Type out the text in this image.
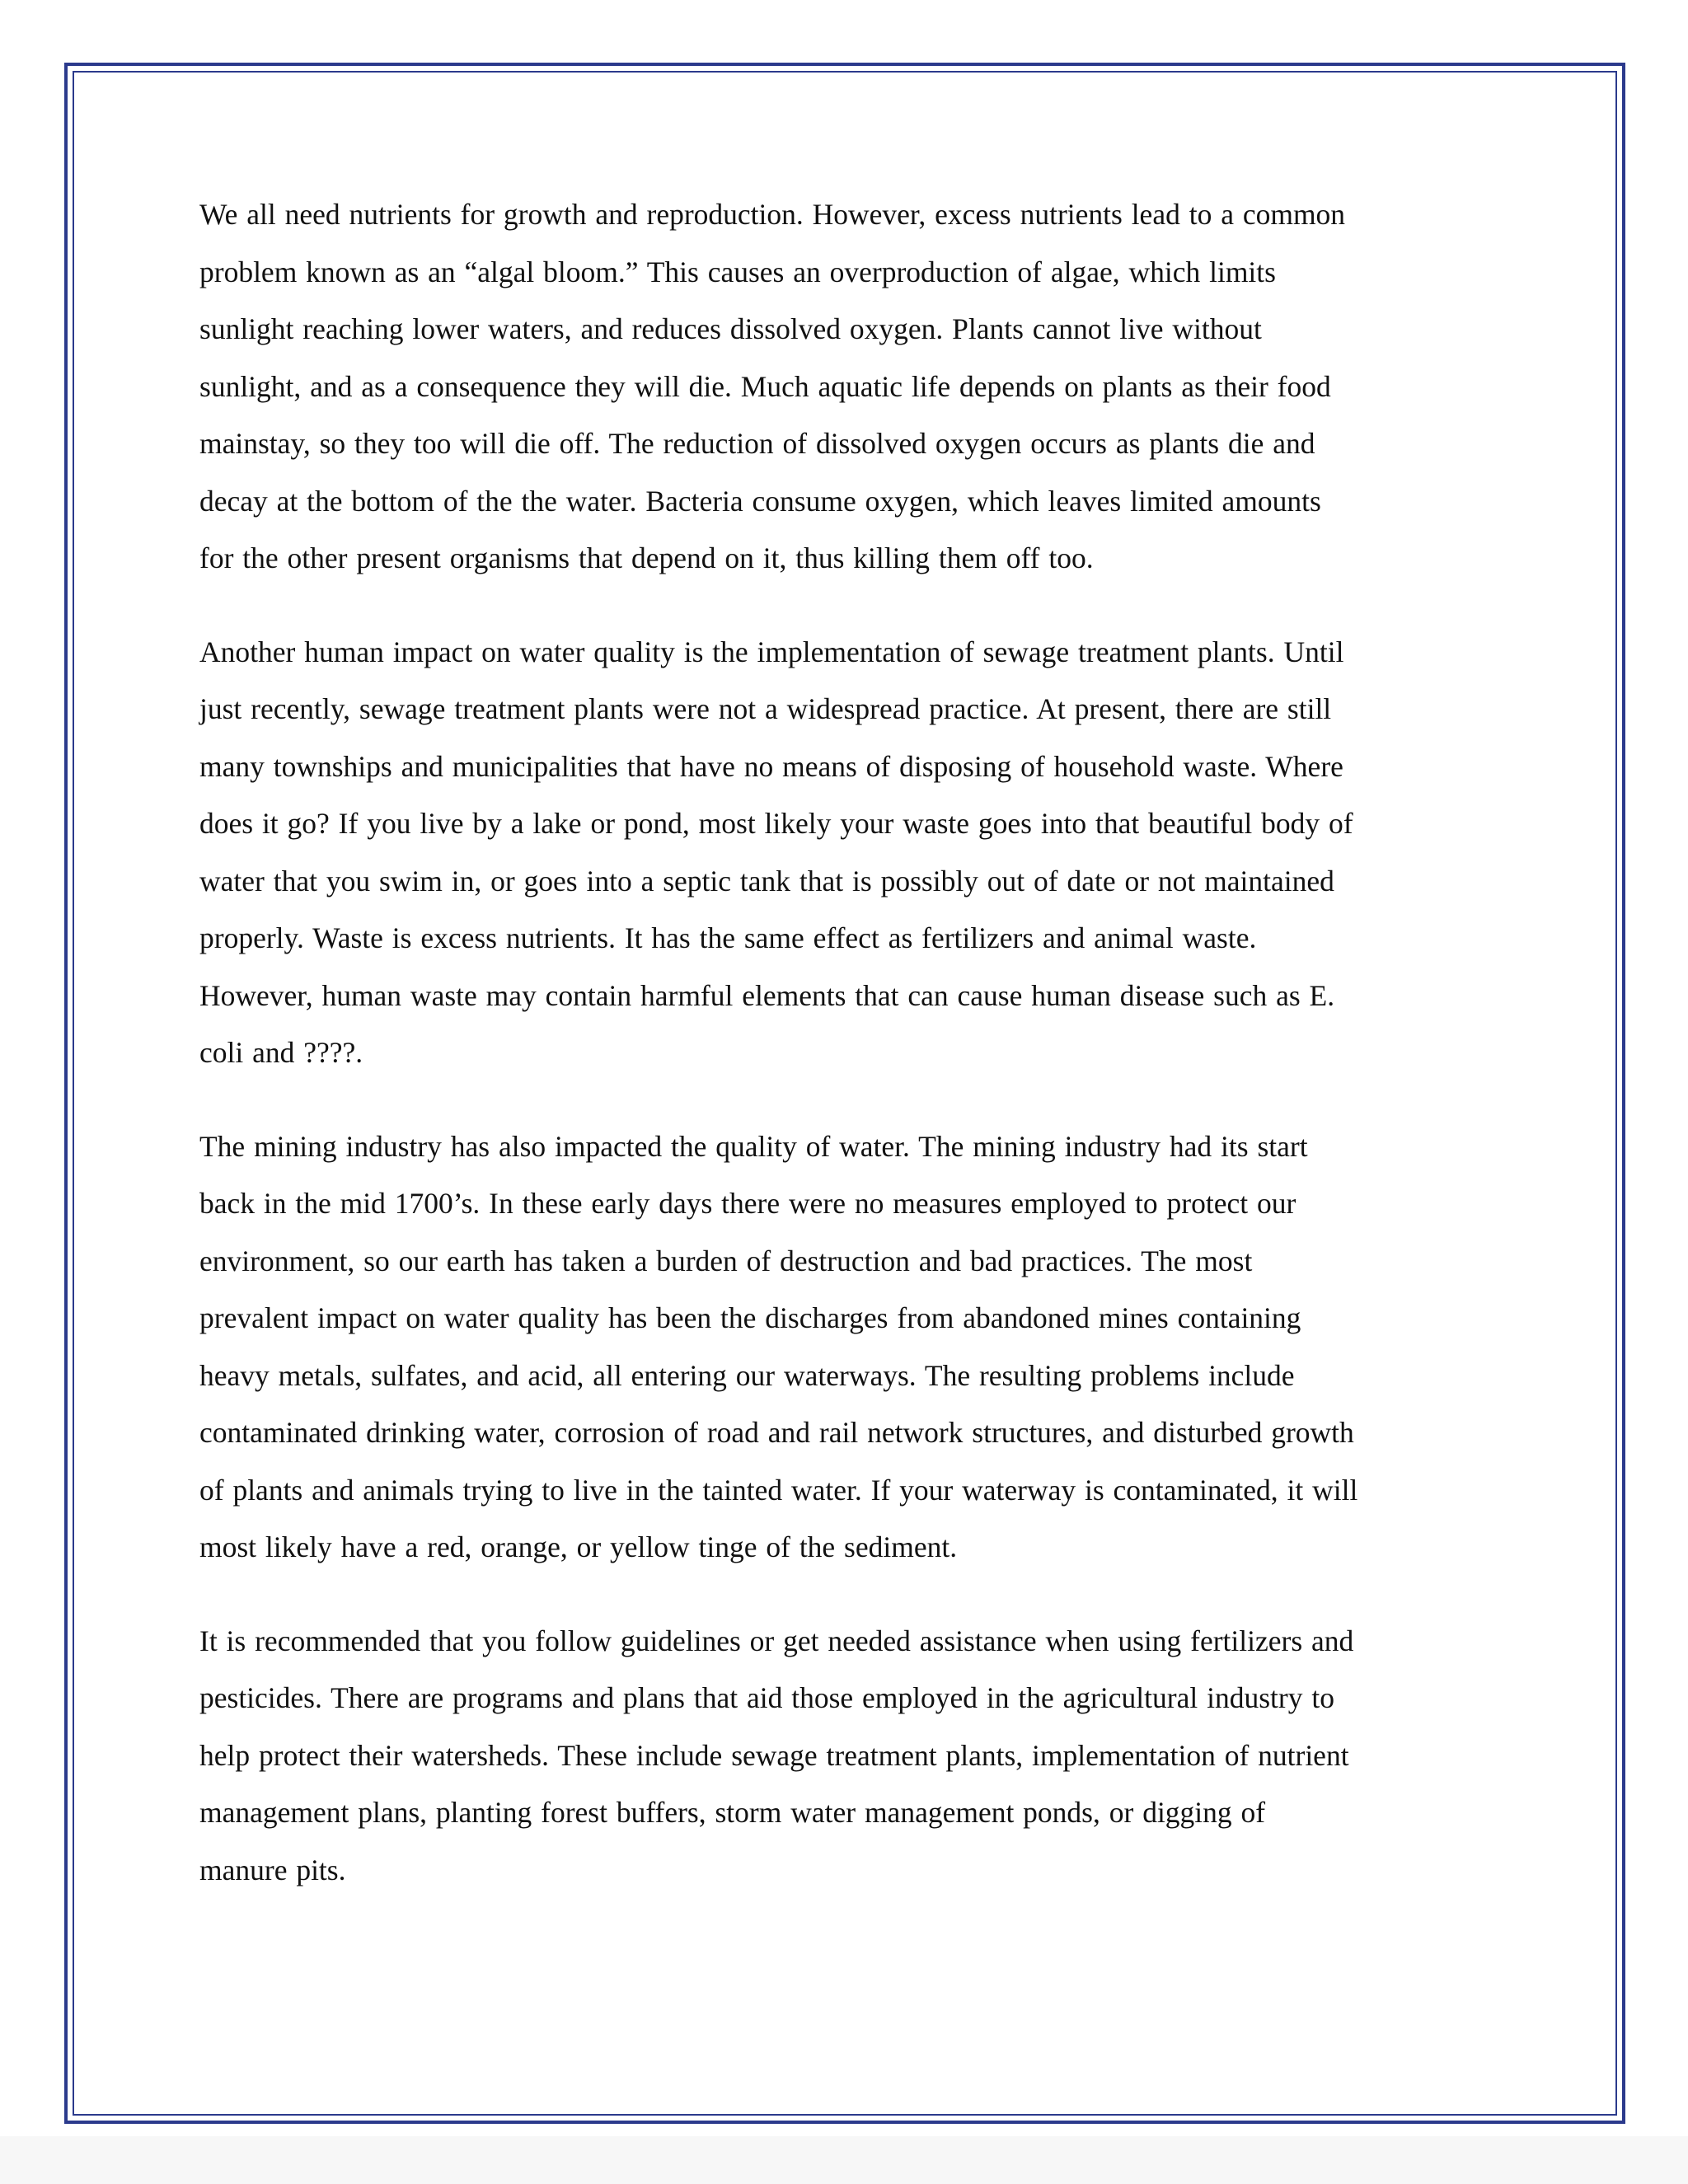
We all need nutrients for growth and reproduction. However, excess nutrients lead to a common
problem known as an “algal bloom.” This causes an overproduction of algae, which limits
sunlight reaching lower waters, and reduces dissolved oxygen. Plants cannot live without
sunlight, and as a consequence they will die. Much aquatic life depends on plants as their food
mainstay, so they too will die off. The reduction of dissolved oxygen occurs as plants die and
decay at the bottom of the the water. Bacteria consume oxygen, which leaves limited amounts
for the other present organisms that depend on it, thus killing them off too.

Another human impact on water quality is the implementation of sewage treatment plants. Until
just recently, sewage treatment plants were not a widespread practice. At present, there are still
many townships and municipalities that have no means of disposing of household waste. Where
does it go? If you live by a lake or pond, most likely your waste goes into that beautiful body of
water that you swim in, or goes into a septic tank that is possibly out of date or not maintained
properly. Waste is excess nutrients. It has the same effect as fertilizers and animal waste.
However, human waste may contain harmful elements that can cause human disease such as E.
coli and ????.

The mining industry has also impacted the quality of water. The mining industry had its start
back in the mid 1700’s. In these early days there were no measures employed to protect our
environment, so our earth has taken a burden of destruction and bad practices. The most
prevalent impact on water quality has been the discharges from abandoned mines containing
heavy metals, sulfates, and acid, all entering our waterways. The resulting problems include
contaminated drinking water, corrosion of road and rail network structures, and disturbed growth
of plants and animals trying to live in the tainted water. If your waterway is contaminated, it will
most likely have a red, orange, or yellow tinge of the sediment.

It is recommended that you follow guidelines or get needed assistance when using fertilizers and
pesticides. There are programs and plans that aid those employed in the agricultural industry to
help protect their watersheds. These include sewage treatment plants, implementation of nutrient
management plans, planting forest buffers, storm water management ponds, or digging of
manure pits.
